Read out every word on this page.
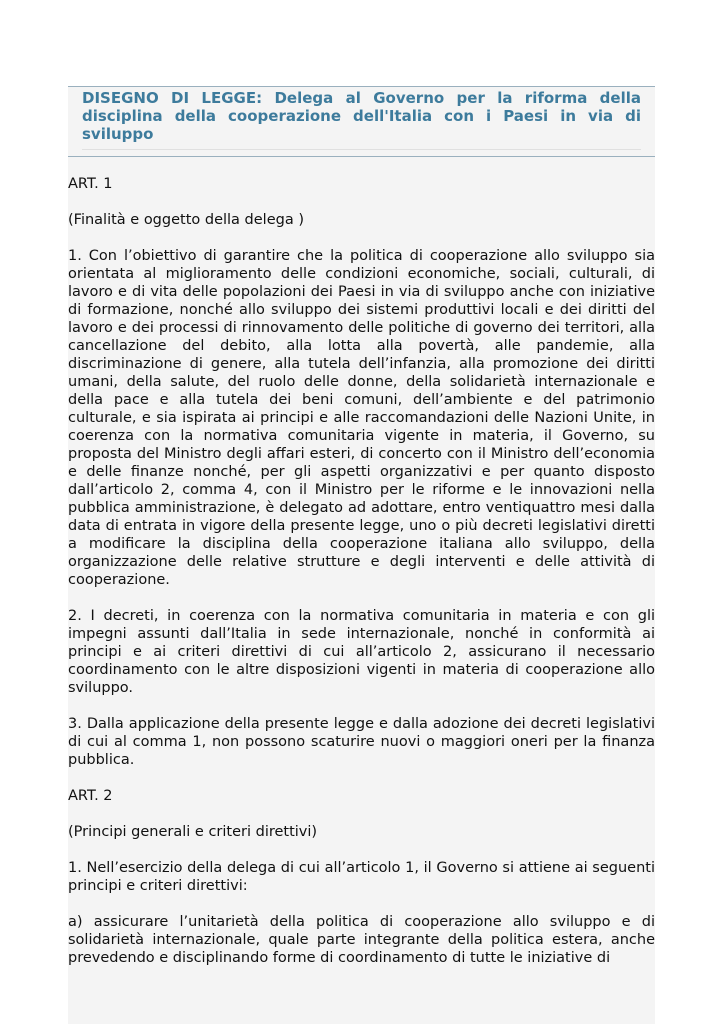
DISEGNO DI LEGGE: Delega al Governo per la riforma della disciplina della cooperazione dell'Italia con i Paesi in via di sviluppo

ART. 1

(Finalità e oggetto della delega )

1. Con l’obiettivo di garantire che la politica di cooperazione allo sviluppo sia orientata al miglioramento delle condizioni economiche, sociali, culturali, di lavoro e di vita delle popolazioni dei Paesi in via di sviluppo anche con iniziative di formazione, nonché allo sviluppo dei sistemi produttivi locali e dei diritti del lavoro e dei processi di rinnovamento delle politiche di governo dei territori, alla cancellazione del debito, alla lotta alla povertà, alle pandemie, alla discriminazione di genere, alla tutela dell’infanzia, alla promozione dei diritti umani, della salute, del ruolo delle donne, della solidarietà internazionale e della pace e alla tutela dei beni comuni, dell’ambiente e del patrimonio culturale, e sia ispirata ai principi e alle raccomandazioni delle Nazioni Unite, in coerenza con la normativa comunitaria vigente in materia, il Governo, su proposta del Ministro degli affari esteri, di concerto con il Ministro dell’economia e delle finanze nonché, per gli aspetti organizzativi e per quanto disposto dall’articolo 2, comma 4, con il Ministro per le riforme e le innovazioni nella pubblica amministrazione, è delegato ad adottare, entro ventiquattro mesi dalla data di entrata in vigore della presente legge, uno o più decreti legislativi diretti a modificare la disciplina della cooperazione italiana allo sviluppo, della organizzazione delle relative strutture e degli interventi e delle attività di cooperazione.

2. I decreti, in coerenza con la normativa comunitaria in materia e con gli impegni assunti dall’Italia in sede internazionale, nonché in conformità ai principi e ai criteri direttivi di cui all’articolo 2, assicurano il necessario coordinamento con le altre disposizioni vigenti in materia di cooperazione allo sviluppo.

3. Dalla applicazione della presente legge e dalla adozione dei decreti legislativi di cui al comma 1, non possono scaturire nuovi o maggiori oneri per la finanza pubblica.

ART. 2

(Principi generali e criteri direttivi)

1. Nell’esercizio della delega di cui all’articolo 1, il Governo si attiene ai seguenti principi e criteri direttivi:

a) assicurare l’unitarietà della politica di cooperazione allo sviluppo e di solidarietà internazionale, quale parte integrante della politica estera, anche prevedendo e disciplinando forme di coordinamento di tutte le iniziative di
